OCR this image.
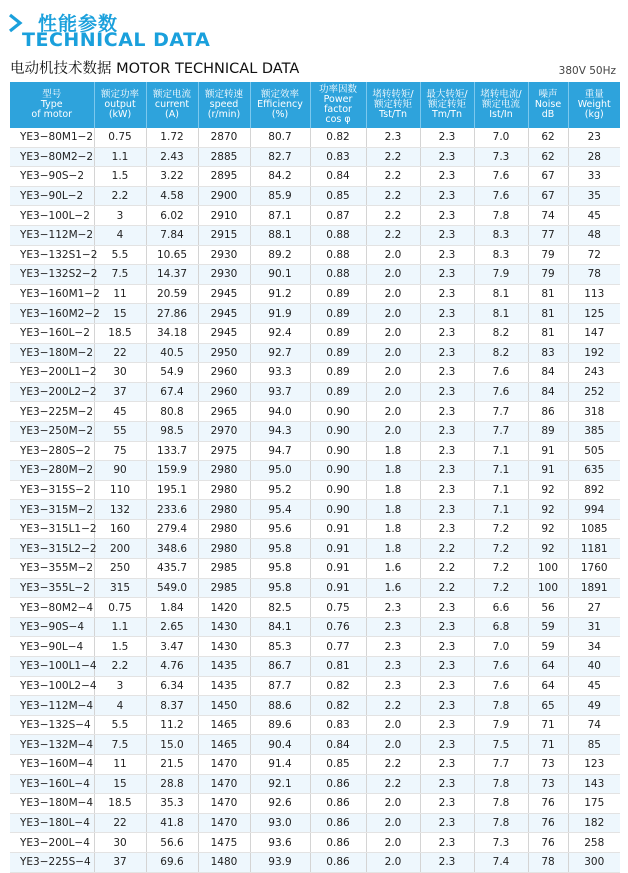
性能参数
TECHNICAL DATA
电动机技术数据 MOTOR TECHNICAL DATA	380V 50Hz
型号
Type
of motor	额定功率
output
(kW)	额定电流
current
(A)	额定转速
speed
(r/min)	额定效率
Efficiency
(%)	功率因数
Power
factor
cos φ	堵转转矩/
额定转矩
Tst/Tn	最大转矩/
额定转矩
Tm/Tn	堵转电流/
额定电流
Ist/In	噪声
Noise
dB	重量
Weight
(kg)

YE3−80M1−2	0.75	1.72	2870	80.7	0.82	2.3	2.3	7.0	62	23
YE3−80M2−2	1.1	2.43	2885	82.7	0.83	2.2	2.3	7.3	62	28
YE3−90S−2	1.5	3.22	2895	84.2	0.84	2.2	2.3	7.6	67	33
YE3−90L−2	2.2	4.58	2900	85.9	0.85	2.2	2.3	7.6	67	35
YE3−100L−2	3	6.02	2910	87.1	0.87	2.2	2.3	7.8	74	45
YE3−112M−2	4	7.84	2915	88.1	0.88	2.2	2.3	8.3	77	48
YE3−132S1−2	5.5	10.65	2930	89.2	0.88	2.0	2.3	8.3	79	72
YE3−132S2−2	7.5	14.37	2930	90.1	0.88	2.0	2.3	7.9	79	78
YE3−160M1−2	11	20.59	2945	91.2	0.89	2.0	2.3	8.1	81	113
YE3−160M2−2	15	27.86	2945	91.9	0.89	2.0	2.3	8.1	81	125
YE3−160L−2	18.5	34.18	2945	92.4	0.89	2.0	2.3	8.2	81	147
YE3−180M−2	22	40.5	2950	92.7	0.89	2.0	2.3	8.2	83	192
YE3−200L1−2	30	54.9	2960	93.3	0.89	2.0	2.3	7.6	84	243
YE3−200L2−2	37	67.4	2960	93.7	0.89	2.0	2.3	7.6	84	252
YE3−225M−2	45	80.8	2965	94.0	0.90	2.0	2.3	7.7	86	318
YE3−250M−2	55	98.5	2970	94.3	0.90	2.0	2.3	7.7	89	385
YE3−280S−2	75	133.7	2975	94.7	0.90	1.8	2.3	7.1	91	505
YE3−280M−2	90	159.9	2980	95.0	0.90	1.8	2.3	7.1	91	635
YE3−315S−2	110	195.1	2980	95.2	0.90	1.8	2.3	7.1	92	892
YE3−315M−2	132	233.6	2980	95.4	0.90	1.8	2.3	7.1	92	994
YE3−315L1−2	160	279.4	2980	95.6	0.91	1.8	2.3	7.2	92	1085
YE3−315L2−2	200	348.6	2980	95.8	0.91	1.8	2.2	7.2	92	1181
YE3−355M−2	250	435.7	2985	95.8	0.91	1.6	2.2	7.2	100	1760
YE3−355L−2	315	549.0	2985	95.8	0.91	1.6	2.2	7.2	100	1891
YE3−80M2−4	0.75	1.84	1420	82.5	0.75	2.3	2.3	6.6	56	27
YE3−90S−4	1.1	2.65	1430	84.1	0.76	2.3	2.3	6.8	59	31
YE3−90L−4	1.5	3.47	1430	85.3	0.77	2.3	2.3	7.0	59	34
YE3−100L1−4	2.2	4.76	1435	86.7	0.81	2.3	2.3	7.6	64	40
YE3−100L2−4	3	6.34	1435	87.7	0.82	2.3	2.3	7.6	64	45
YE3−112M−4	4	8.37	1450	88.6	0.82	2.2	2.3	7.8	65	49
YE3−132S−4	5.5	11.2	1465	89.6	0.83	2.0	2.3	7.9	71	74
YE3−132M−4	7.5	15.0	1465	90.4	0.84	2.0	2.3	7.5	71	85
YE3−160M−4	11	21.5	1470	91.4	0.85	2.2	2.3	7.7	73	123
YE3−160L−4	15	28.8	1470	92.1	0.86	2.2	2.3	7.8	73	143
YE3−180M−4	18.5	35.3	1470	92.6	0.86	2.0	2.3	7.8	76	175
YE3−180L−4	22	41.8	1470	93.0	0.86	2.0	2.3	7.8	76	182
YE3−200L−4	30	56.6	1475	93.6	0.86	2.0	2.3	7.3	76	258
YE3−225S−4	37	69.6	1480	93.9	0.86	2.0	2.3	7.4	78	300
